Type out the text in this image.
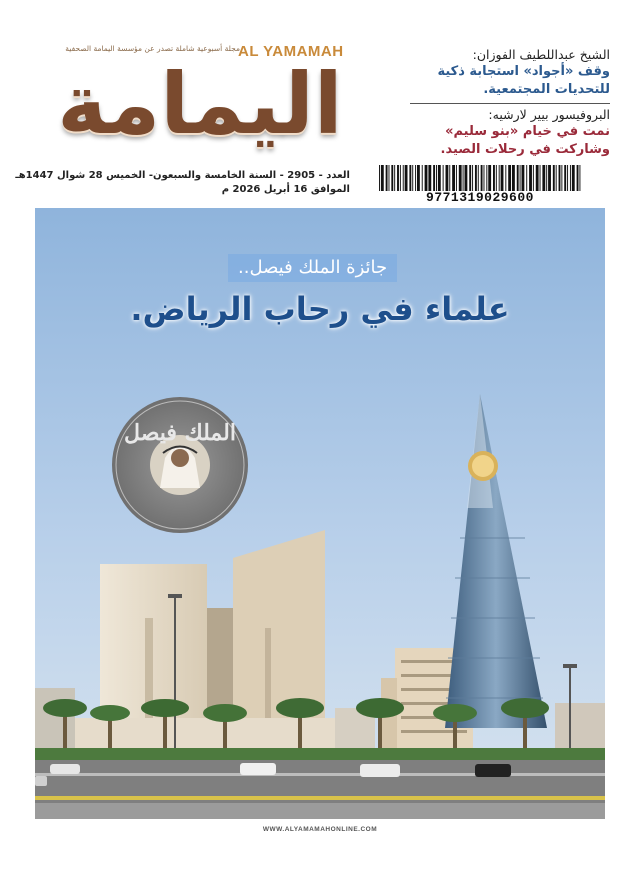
مجلة أسبوعية شاملة تصدر عن مؤسسة اليمامة الصحفية
AL YAMAMAH
اليمامة
العدد - 2905 - السنة الخامسة والسبعون- الخميس 28 شوال 1447هـ
الموافق 16 أبريل 2026 م
الشيخ عبداللطيف الفوزان:
وقف «أجواد» استجابة ذكية للتحديات المجتمعية.
البروفيسور بيير لارشيه:
نمت في خيام «بنو سليم» وشاركت في رحلات الصيد.
9771319029600
الملك فيصل
جائزة الملك فيصل..
علماء في رحاب الرياض.
WWW.ALYAMAMAHONLINE.COM
